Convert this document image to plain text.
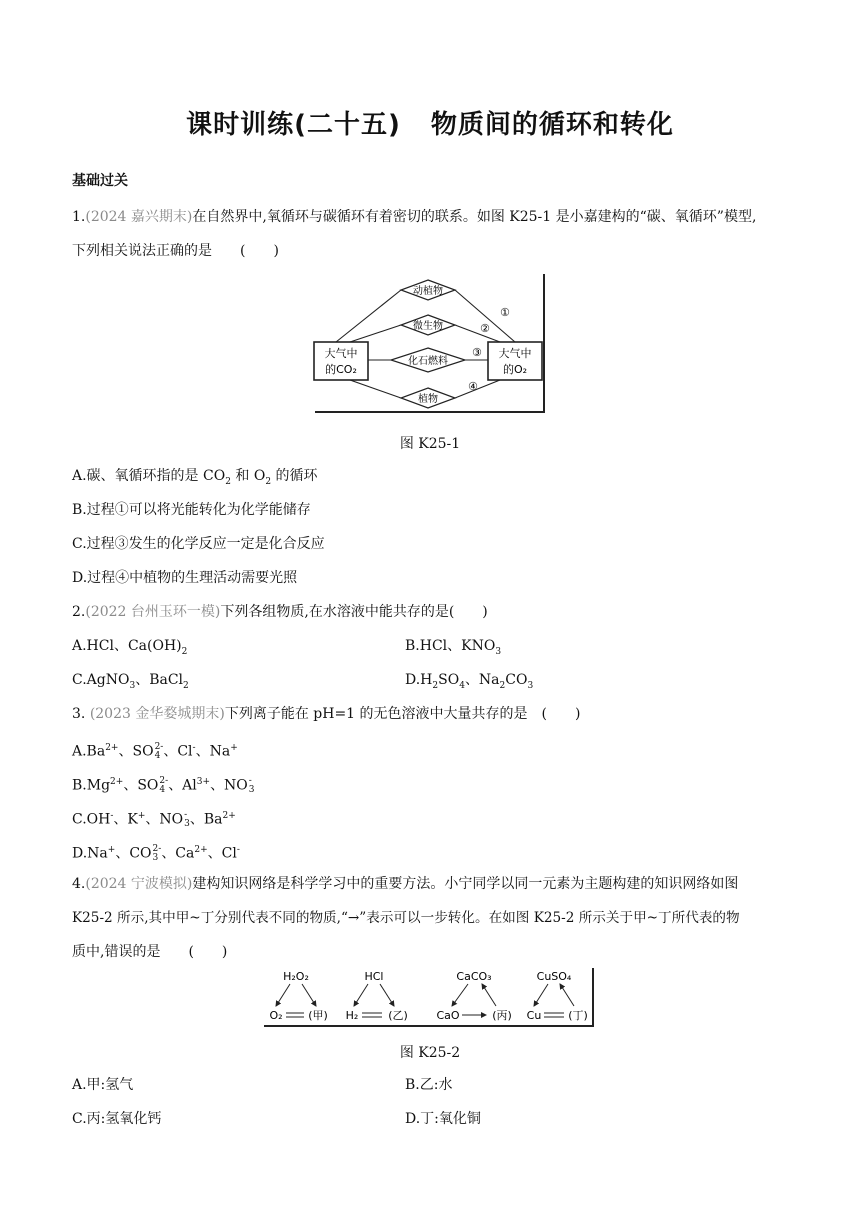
课时训练(二十五) 物质间的循环和转化
基础过关
1.(2024 嘉兴期末)在自然界中,氧循环与碳循环有着密切的联系。如图 K25-1 是小嘉建构的“碳、氧循环”模型,
下列相关说法正确的是　　(　　)
大气中
的CO₂
大气中
的O₂
动植物
微生物
化石燃料
植物
①
②
③
④
图 K25-1
A.碳、氧循环指的是 $CO_2$ 和 $O_2$ 的循环
B.过程①可以将光能转化为化学能储存
C.过程③发生的化学反应一定是化合反应
D.过程④中植物的生理活动需要光照
2.(2022 台州玉环一模)下列各组物质,在水溶液中能共存的是(　　)
A.HCl、$Ca(OH)_2$	B.HCl、$KNO_3$
C.AgNO$_3$、BaCl$_2$	$D.H_2SO_4$、$Na_2CO_3$
3. (2023 金华婺城期末)下列离子能在 pH=1 的无色溶液中大量共存的是　(　　)
$A.Ba^{2+}$、SO 2-
4 、Cl-、Na+
$B.Mg^{2+}$、SO 2-
4 、$Al^{3+}$、NO -
3
C.OH-、K+、NO -
3 、$Ba^{2+}$
D.Na+、CO 2-
3 、$Ca^{2+}$、Cl-
4.(2024 宁波模拟)建构知识网络是科学学习中的重要方法。小宁同学以同一元素为主题构建的知识网络如图
K25-2 所示,其中甲~丁分别代表不同的物质,“→”表示可以一步转化。在如图 K25-2 所示关于甲~丁所代表的物
质中,错误的是　　(　　)
H₂O₂
O₂ (甲)
HCl
H₂	(乙)
CaCO₃
CaO	(丙)
CuSO₄
Cu (丁)
图 K25-2
A.甲:氢气	B.乙:水
C.丙:氢氧化钙	D.丁:氧化铜
